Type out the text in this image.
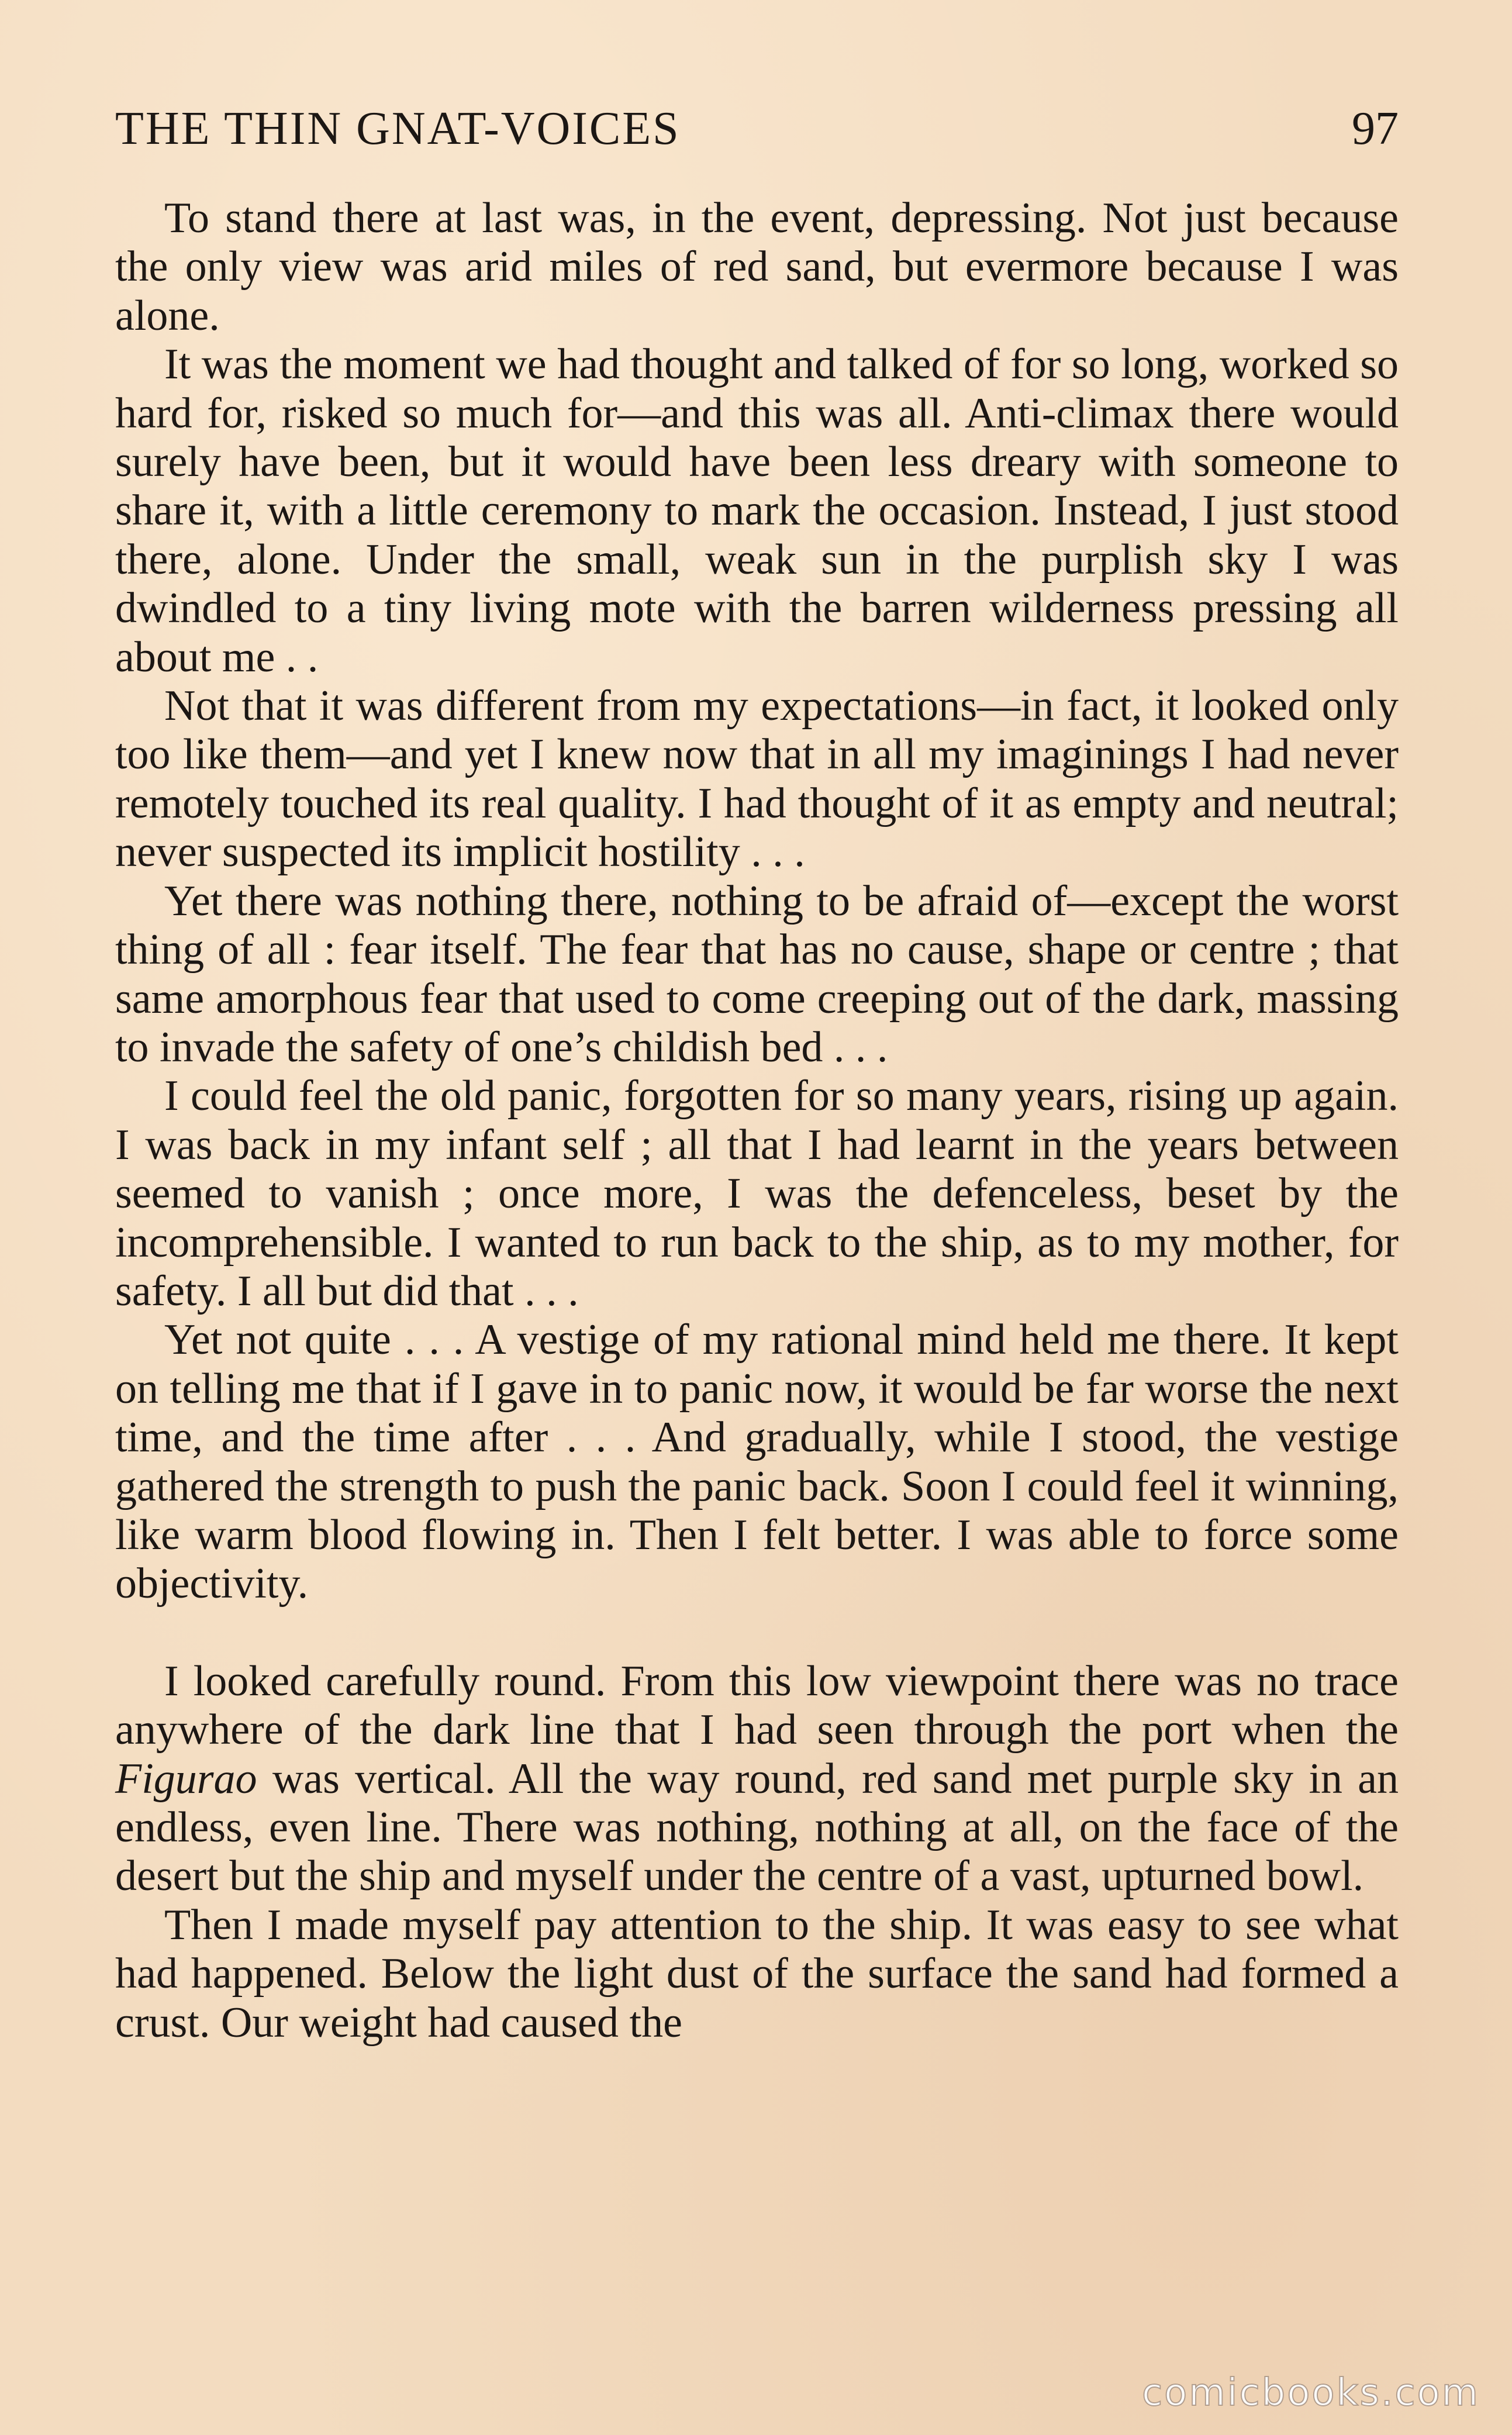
THE THIN GNAT-VOICES	97

To stand there at last was, in the event, depressing. Not just because the only view was arid miles of red sand, but evermore because I was alone.

It was the moment we had thought and talked of for so long, worked so hard for, risked so much for—and this was all. Anti-climax there would surely have been, but it would have been less dreary with someone to share it, with a little ceremony to mark the occasion. Instead, I just stood there, alone. Under the small, weak sun in the purplish sky I was dwindled to a tiny living mote with the barren wilderness pressing all about me . .

Not that it was different from my expectations—in fact, it looked only too like them—and yet I knew now that in all my imaginings I had never remotely touched its real quality. I had thought of it as empty and neutral; never suspected its implicit hostility . . .

Yet there was nothing there, nothing to be afraid of—except the worst thing of all : fear itself. The fear that has no cause, shape or centre ; that same amorphous fear that used to come creeping out of the dark, massing to invade the safety of one’s childish bed . . .

I could feel the old panic, forgotten for so many years, rising up again. I was back in my infant self ; all that I had learnt in the years between seemed to vanish ; once more, I was the defenceless, beset by the incomprehensible. I wanted to run back to the ship, as to my mother, for safety. I all but did that . . .

Yet not quite . . . A vestige of my rational mind held me there. It kept on telling me that if I gave in to panic now, it would be far worse the next time, and the time after . . . And gradually, while I stood, the vestige gathered the strength to push the panic back. Soon I could feel it winning, like warm blood flowing in. Then I felt better. I was able to force some objectivity.

I looked carefully round. From this low viewpoint there was no trace anywhere of the dark line that I had seen through the port when the Figurao was vertical. All the way round, red sand met purple sky in an endless, even line. There was nothing, nothing at all, on the face of the desert but the ship and myself under the centre of a vast, upturned bowl.

Then I made myself pay attention to the ship. It was easy to see what had happened. Below the light dust of the surface the sand had formed a crust. Our weight had caused the

comicbooks.com
